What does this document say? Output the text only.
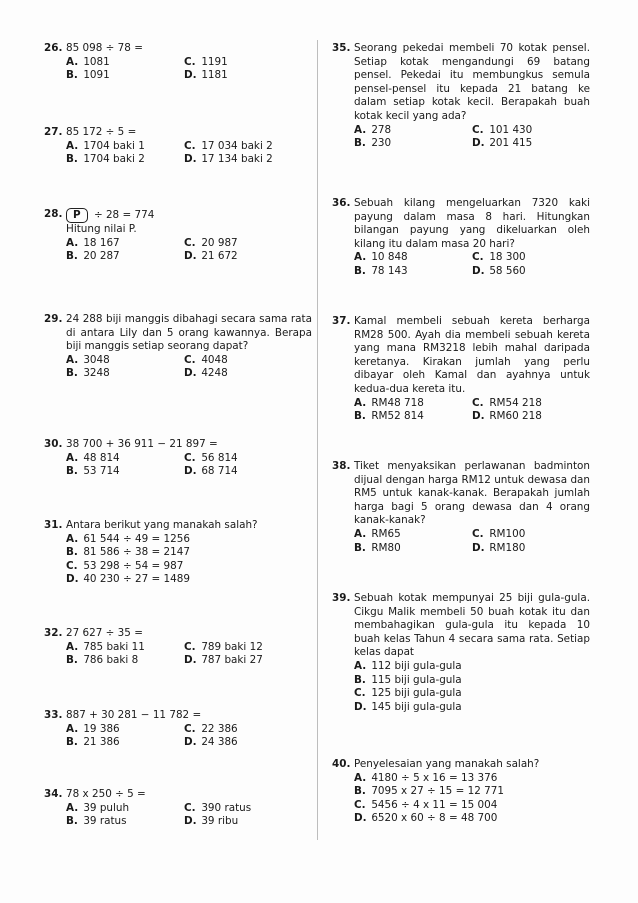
26. 85 098 ÷ 78 =
A. 1081	C. 1191
B. 1091	D. 1181
27. 85 172 ÷ 5 =
A. 1704 baki 1	C. 17 034 baki 2
B. 1704 baki 2	D. 17 134 baki 2
28.	P ÷ 28 = 774
Hitung nilai P.
A. 18 167	C. 20 987
B. 20 287	D. 21 672
29. 24 288 biji manggis dibahagi secara sama rata di antara Lily dan 5 orang kawannya. Berapa biji manggis setiap seorang dapat?
A. 3048	C. 4048
B. 3248	D. 4248
30. 38 700 + 36 911 − 21 897 =
A. 48 814	C. 56 814
B. 53 714	D. 68 714
31. Antara berikut yang manakah salah?
A. 61 544 ÷ 49 = 1256
B. 81 586 ÷ 38 = 2147
C. 53 298 ÷ 54 = 987
D. 40 230 ÷ 27 = 1489
32. 27 627 ÷ 35 =
A. 785 baki 11	C. 789 baki 12
B. 786 baki 8	D. 787 baki 27
33. 887 + 30 281 − 11 782 =
A. 19 386	C. 22 386
B. 21 386	D. 24 386
34. 78 x 250 ÷ 5 =
A. 39 puluh	C. 390 ratus
B. 39 ratus	D. 39 ribu
35. Seorang pekedai membeli 70 kotak pensel. Setiap kotak mengandungi 69 batang pensel. Pekedai itu membungkus semula pensel-pensel itu kepada 21 batang ke dalam setiap kotak kecil. Berapakah buah kotak kecil yang ada?
A. 278	C. 101 430
B. 230	D. 201 415
36. Sebuah kilang mengeluarkan 7320 kaki payung dalam masa 8 hari. Hitungkan bilangan payung yang dikeluarkan oleh kilang itu dalam masa 20 hari?
A. 10 848	C. 18 300
B. 78 143	D. 58 560
37. Kamal membeli sebuah kereta berharga RM28 500. Ayah dia membeli sebuah kereta yang mana RM3218 lebih mahal daripada keretanya. Kirakan jumlah yang perlu dibayar oleh Kamal dan ayahnya untuk kedua-dua kereta itu.
A. RM48 718	C. RM54 218
B. RM52 814	D. RM60 218
38. Tiket menyaksikan perlawanan badminton dijual dengan harga RM12 untuk dewasa dan RM5 untuk kanak-kanak. Berapakah jumlah harga bagi 5 orang dewasa dan 4 orang kanak-kanak?
A. RM65	C. RM100
B. RM80	D. RM180
39. Sebuah kotak mempunyai 25 biji gula-gula. Cikgu Malik membeli 50 buah kotak itu dan membahagikan gula-gula itu kepada 10 buah kelas Tahun 4 secara sama rata. Setiap kelas dapat
A. 112 biji gula-gula
B. 115 biji gula-gula
C. 125 biji gula-gula
D. 145 biji gula-gula
40. Penyelesaian yang manakah salah?
A. 4180 ÷ 5 x 16 = 13 376
B. 7095 x 27 ÷ 15 = 12 771
C. 5456 ÷ 4 x 11 = 15 004
D. 6520 x 60 ÷ 8 = 48 700
